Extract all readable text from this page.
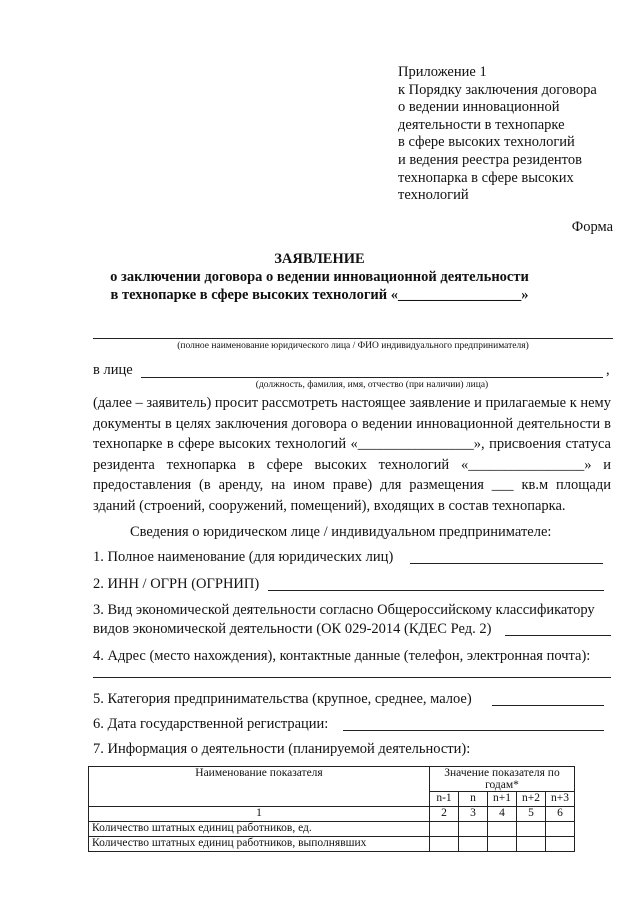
Приложение 1
к Порядку заключения договора
о ведении инновационной
деятельности в технопарке
в сфере высоких технологий
и ведения реестра резидентов
технопарка в сфере высоких
технологий
Форма
ЗАЯВЛЕНИЕ
о заключении договора о ведении инновационной деятельности
в технопарке в сфере высоких технологий «_________________»
(полное наименование юридического лица / ФИО индивидуального предпринимателя)
в лице	,
(должность, фамилия, имя, отчество (при наличии) лица)
(далее – заявитель) просит рассмотреть настоящее заявление и прилагаемые к нему документы в целях заключения договора о ведении инновационной деятельности в технопарке в сфере высоких технологий «________________», присвоения статуса резидента технопарка в сфере высоких технологий «________________» и предоставления (в аренду, на ином праве) для размещения ___ кв.м площади зданий (строений, сооружений, помещений), входящих в состав технопарка.
Сведения о юридическом лице / индивидуальном предпринимателе:
1. Полное наименование (для юридических лиц)
2. ИНН / ОГРН (ОГРНИП)
3. Вид экономической деятельности согласно Общероссийскому классификатору
видов экономической деятельности (ОК 029-2014 (КДЕС Ред. 2)
4. Адрес (место нахождения), контактные данные (телефон, электронная почта):
5. Категория предпринимательства (крупное, среднее, малое)
6. Дата государственной регистрации:
7. Информация о деятельности (планируемой деятельности):
Наименование показателя	Значение показателя по годам*				
	n-1	n	n+1	n+2	n+3
1	2	3	4	5	6
Количество штатных единиц работников, ед.					
Количество штатных единиц работников, выполнявших					
